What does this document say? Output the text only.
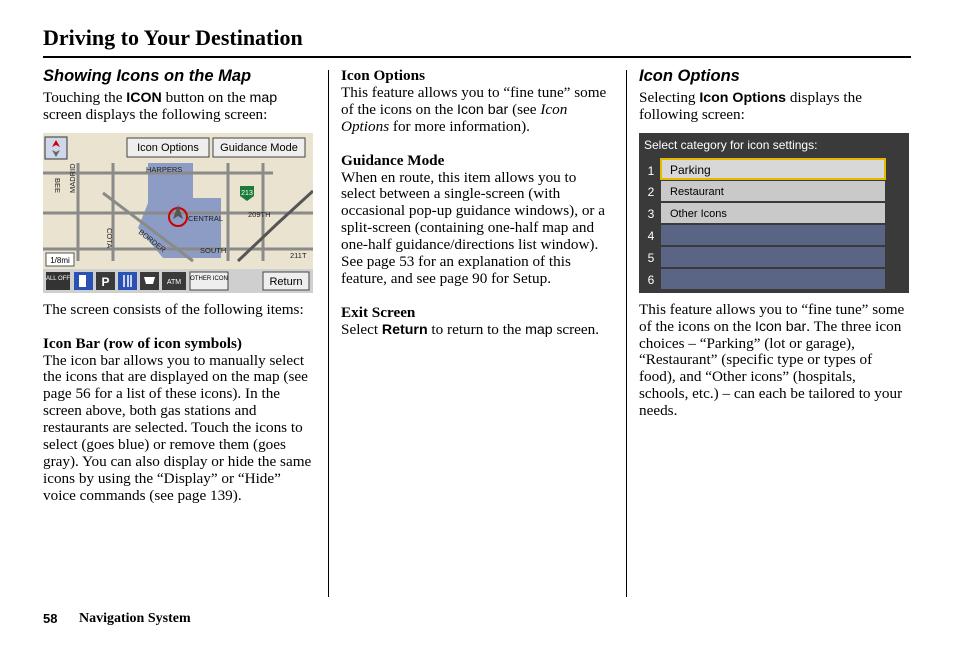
Driving to Your Destination
Showing Icons on the Map

Touching the ICON button on the map screen displays the following screen:

HARPERS
CENTRAL	209TH
SOUTH
211T
BORDER
COTA
MADRID
BEE
Icon Options Guidance Mode
213
1/8mi
ALL OFF	P	ATM OTHER ICON	Return

The screen consists of the following items:

Icon Bar (row of icon symbols)

The icon bar allows you to manually select the icons that are displayed on the map (see page 56 for a list of these icons). In the screen above, both gas stations and restaurants are selected. Touch the icons to select (goes blue) or remove them (goes gray). You can also display or hide the same icons by using the “Display” or “Hide” voice commands (see page 139).

Icon Options

This feature allows you to “fine tune” some of the icons on the Icon bar (see Icon Options for more information).

Guidance Mode

When en route, this item allows you to select between a single-screen (with occasional pop-up guidance windows), or a split-screen (containing one-half map and one-half guidance/directions list window). See page 53 for an explanation of this feature, and see page 90 for Setup.

Exit Screen

Select Return to return to the map screen.

Icon Options

Selecting Icon Options displays the following screen:

Select category for icon settings:
1 Parking
2 Restaurant
3 Other Icons
4
5
6

This feature allows you to “fine tune” some of the icons on the Icon bar. The three icon choices – “Parking” (lot or garage), “Restaurant” (specific type or types of food), and “Other icons” (hospitals, schools, etc.) – can each be tailored to your needs.

58 Navigation System
